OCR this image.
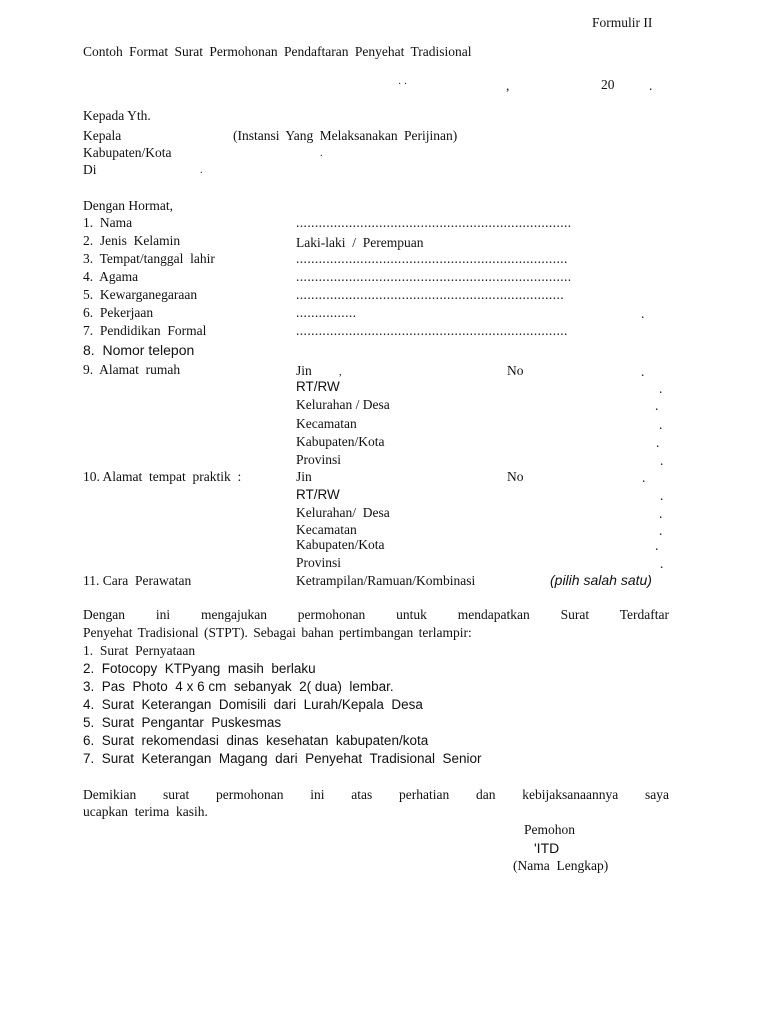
Formulir II
Contoh Format Surat Permohonan Pendaftaran Penyehat Tradisional
· ·	,	20	.
Kepada Yth.
Kepala	(Instansi Yang Melaksanakan Perijinan)
Kabupaten/Kota	.
Di	.
Dengan Hormat,
1.  Nama	.........................................................................
2.  Jenis  Kelamin	Laki-laki  /  Perempuan
3.  Tempat/tanggal  lahir	........................................................................
4.  Agama	.........................................................................
5.  Kewarganegaraan	.......................................................................
6.  Pekerjaan	................	.
7.  Pendidikan  Formal	........................................................................
8.  Nomor telepon
9.  Alamat  rumah	Jin ,	No	.
RT/RW	.
Kelurahan / Desa	.
Kecamatan	.
Kabupaten/Kota	.
Provinsi	.
10. Alamat  tempat  praktik  :	Jin	No	.
RT/RW	.
Kelurahan/  Desa	.
Kecamatan	.
Kabupaten/Kota	.
Provinsi	.
11. Cara  Perawatan	Ketrampilan/Ramuan/Kombinasi	(pilih salah satu)
Dengan ini mengajukan permohonan untuk mendapatkan Surat Terdaftar
Penyehat Tradisional (STPT). Sebagai bahan pertimbangan terlampir:
1.  Surat  Pernyataan
2.  Fotocopy  KTPyang  masih  berlaku
3.  Pas  Photo  4 x 6 cm  sebanyak  2( dua)  lembar.
4.  Surat  Keterangan  Domisili  dari  Lurah/Kepala  Desa
5.  Surat  Pengantar  Puskesmas
6.  Surat  rekomendasi  dinas  kesehatan  kabupaten/kota
7.  Surat  Keterangan  Magang  dari  Penyehat  Tradisional  Senior
Demikian surat permohonan ini atas perhatian dan kebijaksanaannya saya
ucapkan  terima  kasih.
Pemohon
'ITD
(Nama  Lengkap)
